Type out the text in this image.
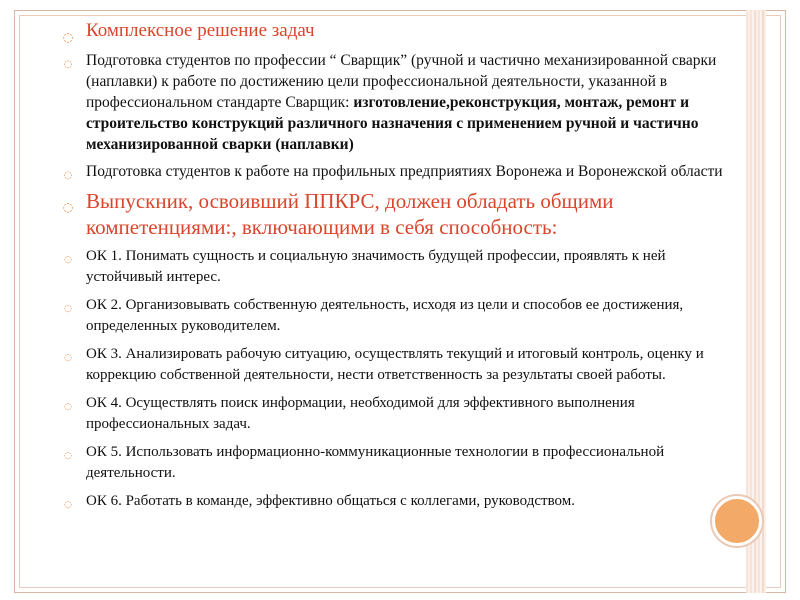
◌ Комплексное решение задач
◌ Подготовка студентов по профессии “ Сварщик” (ручной и частично механизированной сварки (наплавки) к работе по достижению цели профессиональной деятельности, указанной в профессиональном стандарте Сварщик: изготовление,реконструкция, монтаж, ремонт и строительство конструкций различного назначения с применением ручной и частично механизированной сварки (наплавки)
◌ Подготовка студентов к работе на профильных предприятиях Воронежа и Воронежской области
◌ Выпускник, освоивший ППКРС, должен обладать общими компетенциями:, включающими в себя способность:
◌ ОК 1. Понимать сущность и социальную значимость будущей профессии, проявлять к ней устойчивый интерес.
◌ ОК 2. Организовывать собственную деятельность, исходя из цели и способов ее достижения, определенных руководителем.
◌ ОК 3. Анализировать рабочую ситуацию, осуществлять текущий и итоговый контроль, оценку и коррекцию собственной деятельности, нести ответственность за результаты своей работы.
◌ ОК 4. Осуществлять поиск информации, необходимой для эффективного выполнения профессиональных задач.
◌ ОК 5. Использовать информационно-коммуникационные технологии в профессиональной деятельности.
◌ ОК 6. Работать в команде, эффективно общаться с коллегами, руководством.
